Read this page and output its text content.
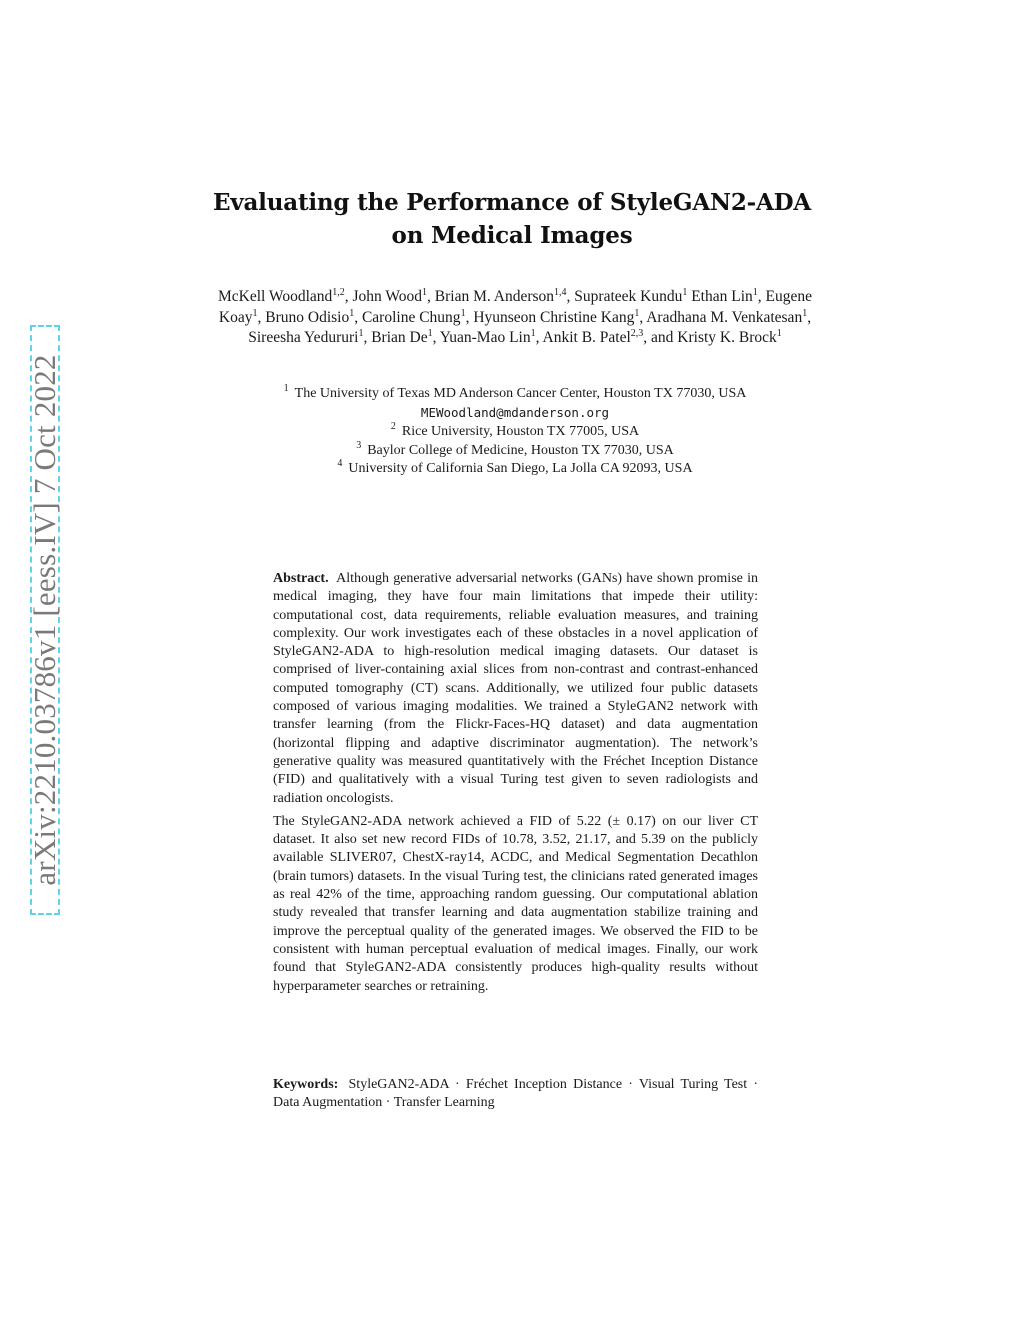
arXiv:2210.03786v1 [eess.IV] 7 Oct 2022
Evaluating the Performance of StyleGAN2-ADA
on Medical Images
McKell Woodland$^{1,2}$, John Wood$^1$, Brian M. Anderson$^{1,4}$, Suprateek Kundu$^1$ Ethan Lin$^1$, Eugene Koay$^1$, Bruno Odisio$^1$, Caroline Chung$^1$, Hyunseon Christine Kang$^1$, Aradhana M. Venkatesan$^1$, Sireesha Yedururi$^1$, Brian De$^1$, Yuan-Mao Lin$^1$, Ankit B. Patel$^{2,3}$, and Kristy K. Brock$^1$
$^1$ The University of Texas MD Anderson Cancer Center, Houston TX 77030, USA
MEWoodland@mdanderson.org
$^2$ Rice University, Houston TX 77005, USA
$^3$ Baylor College of Medicine, Houston TX 77030, USA
$^4$ University of California San Diego, La Jolla CA 92093, USA

Abstract. Although generative adversarial networks (GANs) have shown promise in medical imaging, they have four main limitations that impede their utility: computational cost, data requirements, reliable evaluation measures, and training complexity. Our work investigates each of these obstacles in a novel application of StyleGAN2-ADA to high-resolution medical imaging datasets. Our dataset is comprised of liver-containing axial slices from non-contrast and contrast-enhanced computed tomography (CT) scans. Additionally, we utilized four public datasets composed of various imaging modalities. We trained a StyleGAN2 network with transfer learning (from the Flickr-Faces-HQ dataset) and data augmentation (horizontal flipping and adaptive discriminator augmentation). The network’s generative quality was measured quantitatively with the Fréchet Inception Distance (FID) and qualitatively with a visual Turing test given to seven radiologists and radiation oncologists.

The StyleGAN2-ADA network achieved a FID of 5.22 (± 0.17) on our liver CT dataset. It also set new record FIDs of 10.78, 3.52, 21.17, and 5.39 on the publicly available SLIVER07, ChestX-ray14, ACDC, and Medical Segmentation Decathlon (brain tumors) datasets. In the visual Turing test, the clinicians rated generated images as real 42% of the time, approaching random guessing. Our computational ablation study revealed that transfer learning and data augmentation stabilize training and improve the perceptual quality of the generated images. We observed the FID to be consistent with human perceptual evaluation of medical images. Finally, our work found that StyleGAN2-ADA consistently produces high-quality results without hyperparameter searches or retraining.

Keywords: StyleGAN2-ADA · Fréchet Inception Distance · Visual Turing Test · Data Augmentation · Transfer Learning
